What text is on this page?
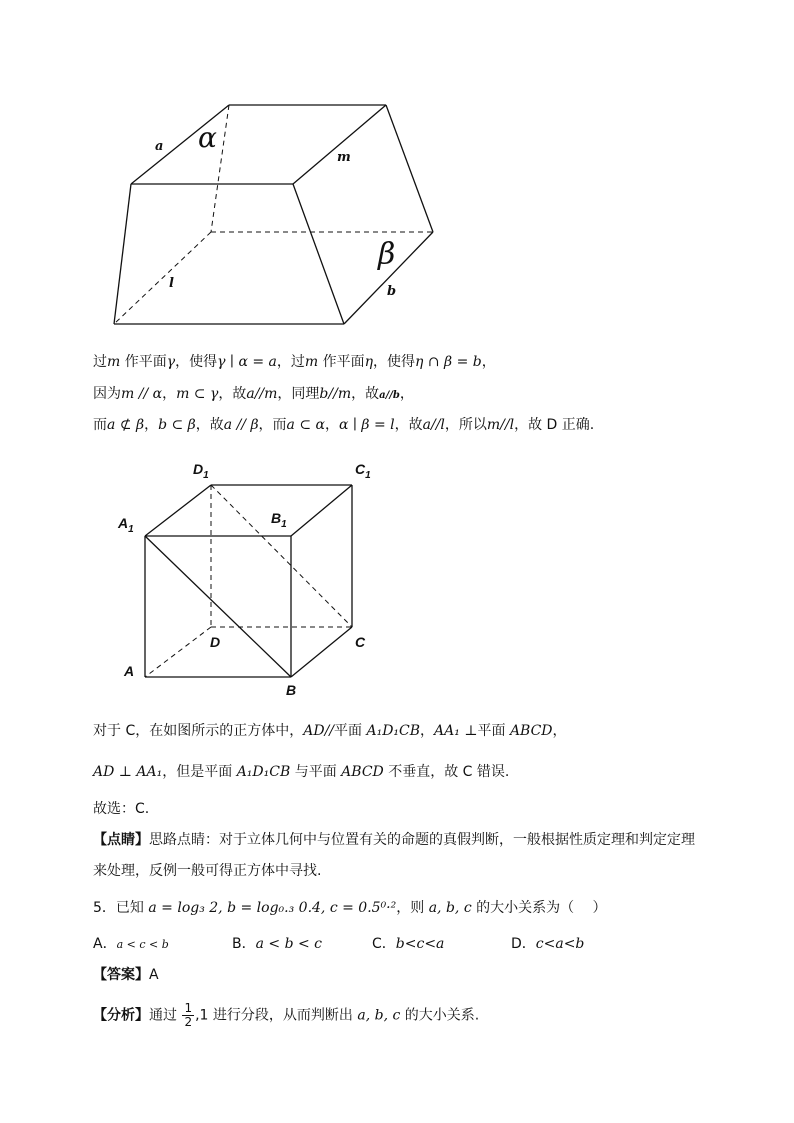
α
a
m
β
l
b
过m 作平面γ，使得γ ∣ α = a，过m 作平面η，使得η ∩ β = b，
因为m // α，m ⊂ γ，故a//m，同理b//m，故a//b，
而a ⊄ β，b ⊂ β，故a // β，而a ⊂ α，α ∣ β = l，故a//l，所以m//l，故 D 正确.
$D_1$	$C_1$
$A_1$
$B_1$
D	C
A
B
对于 C，在如图所示的正方体中，AD//平面 A₁D₁CB，AA₁ ⊥平面 ABCD，
AD ⊥ AA₁，但是平面 A₁D₁CB 与平面 ABCD 不垂直，故 C 错误.
故选：C.
【点睛】思路点睛：对于立体几何中与位置有关的命题的真假判断，一般根据性质定理和判定定理
来处理，反例一般可得正方体中寻找.
5．已知 a = log₃ 2, b = log₀.₃ 0.4, c = 0.5⁰·²，则 a, b, c 的大小关系为（　 ）
A．a < c < b	B．a < b < c	C．b<c<a	D．c<a<b
【答案】A
【分析】通过 $\frac{1}{2} ,1$ 进行分段，从而判断出 a, b, c 的大小关系.
